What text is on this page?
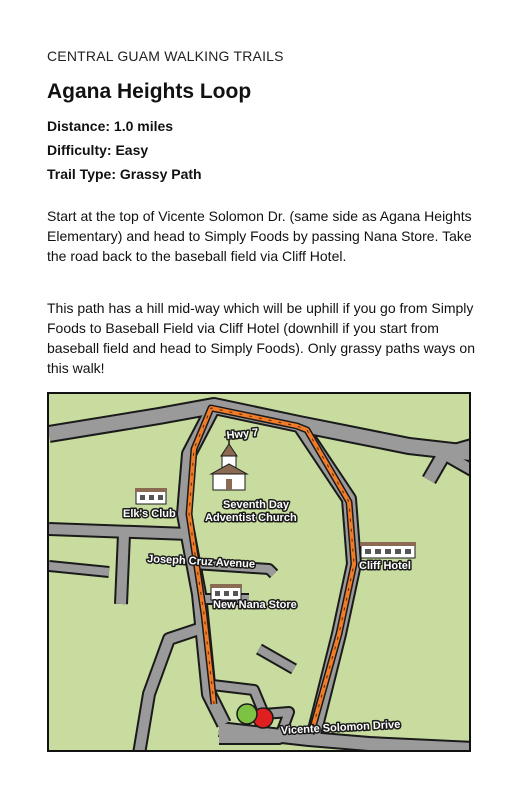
CENTRAL GUAM WALKING TRAILS
Agana Heights Loop
Distance: 1.0 miles
Difficulty: Easy
Trail Type: Grassy Path
Start at the top of Vicente Solomon Dr. (same side as Agana Heights Elementary) and head to Simply Foods by passing Nana Store. Take the road back to the baseball field via Cliff Hotel.
This path has a hill mid-way which will be uphill if you go from Simply Foods to Baseball Field via Cliff Hotel (downhill if you start from baseball field and head to Simply Foods). Only grassy paths ways on this walk!
Hwy 7
Seventh Day
Adventist Church
Elk's Club
Joseph Cruz Avenue
New Nana Store
Cliff Hotel
Vicente Solomon Drive
